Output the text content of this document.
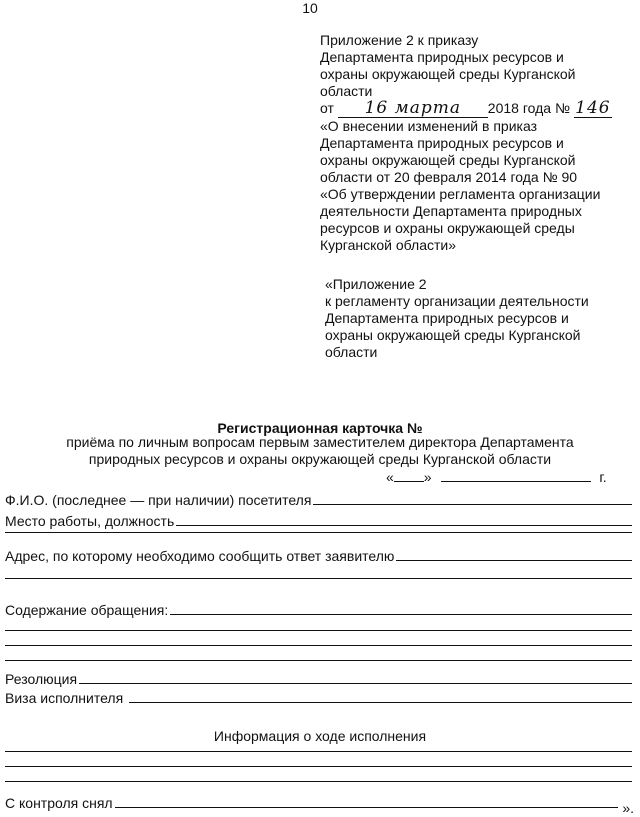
10
Приложение 2 к приказу
Департамента природных ресурсов и
охраны окружающей среды Курганской
области
от 16 марта 2018 года № 146
«О внесении изменений в приказ
Департамента природных ресурсов и
охраны окружающей среды Курганской
области от 20 февраля 2014 года № 90
«Об утверждении регламента организации
деятельности Департамента природных
ресурсов и охраны окружающей среды
Курганской области»
«Приложение 2
к регламенту организации деятельности
Департамента природных ресурсов и
охраны окружающей среды Курганской
области
Регистрационная карточка №
приёма по личным вопросам первым заместителем директора Департамента
природных ресурсов и охраны окружающей среды Курганской области
« »	г.
Ф.И.О. (последнее — при наличии) посетителя
Место работы, должность
Адрес, по которому необходимо сообщить ответ заявителю
Содержание обращения:
Резолюция
Виза исполнителя
Информация о ходе исполнения
С контроля снял	».
